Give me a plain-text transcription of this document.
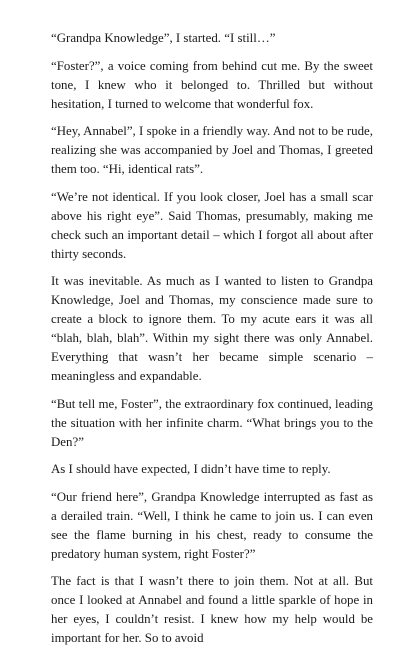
“Grandpa Knowledge”, I started. “I still…”

“Foster?”, a voice coming from behind cut me. By the sweet tone, I knew who it belonged to. Thrilled but without hesitation, I turned to welcome that wonderful fox.

“Hey, Annabel”, I spoke in a friendly way. And not to be rude, realizing she was accompanied by Joel and Thomas, I greeted them too. “Hi, identical rats”.

“We’re not identical. If you look closer, Joel has a small scar above his right eye”. Said Thomas, presumably, making me check such an important detail – which I forgot all about after thirty seconds.

It was inevitable. As much as I wanted to listen to Grandpa Knowledge, Joel and Thomas, my conscience made sure to create a block to ignore them. To my acute ears it was all “blah, blah, blah”. Within my sight there was only Annabel. Everything that wasn’t her became simple scenario – meaningless and expandable.

“But tell me, Foster”, the extraordinary fox continued, leading the situation with her infinite charm. “What brings you to the Den?”

As I should have expected, I didn’t have time to reply.

“Our friend here”, Grandpa Knowledge interrupted as fast as a derailed train. “Well, I think he came to join us. I can even see the flame burning in his chest, ready to consume the predatory human system, right Foster?”

The fact is that I wasn’t there to join them. Not at all. But once I looked at Annabel and found a little sparkle of hope in her eyes, I couldn’t resist. I knew how my help would be important for her. So to avoid
